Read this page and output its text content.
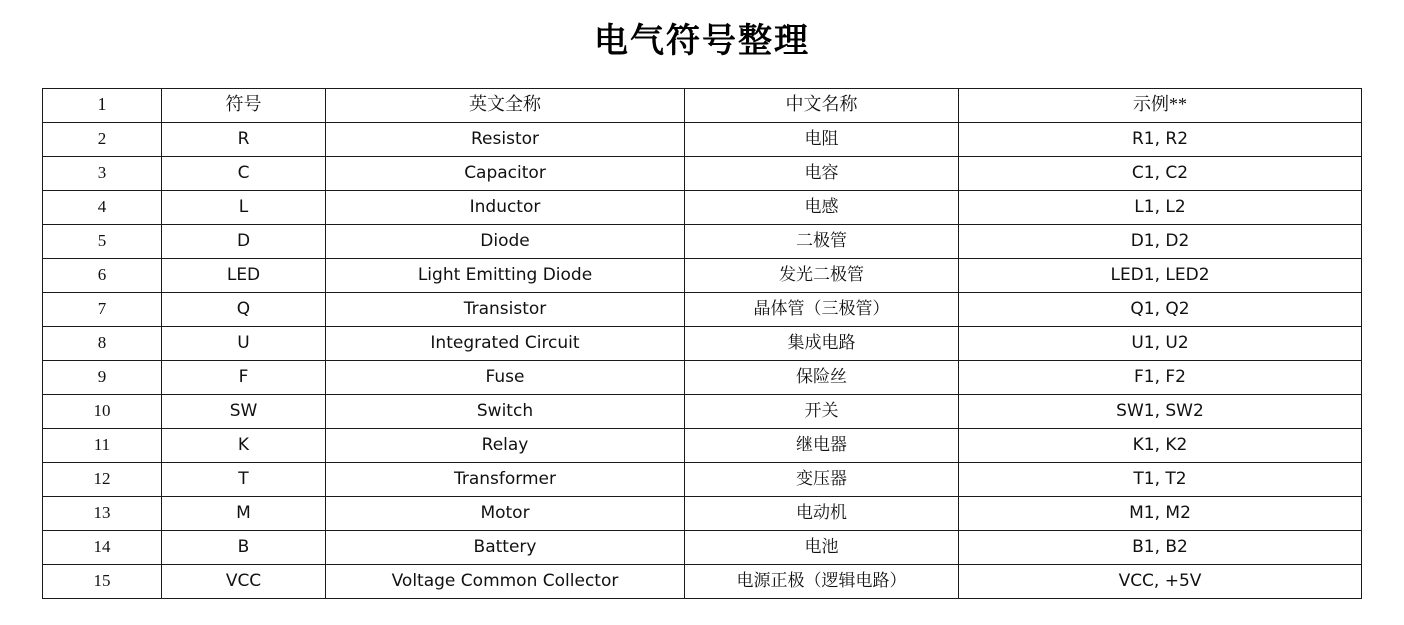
电气符号整理
1	符号	英文全称	中文名称	示例**
2	R	Resistor	电阻	R1, R2
3	C	Capacitor	电容	C1, C2
4	L	Inductor	电感	L1, L2
5	D	Diode	二极管	D1, D2
6	LED	Light Emitting Diode	发光二极管	LED1, LED2
7	Q	Transistor	晶体管（三极管）	Q1, Q2
8	U	Integrated Circuit	集成电路	U1, U2
9	F	Fuse	保险丝	F1, F2
10	SW	Switch	开关	SW1, SW2
11	K	Relay	继电器	K1, K2
12	T	Transformer	变压器	T1, T2
13	M	Motor	电动机	M1, M2
14	B	Battery	电池	B1, B2
15	VCC	Voltage Common Collector	电源正极（逻辑电路）	VCC, +5V
